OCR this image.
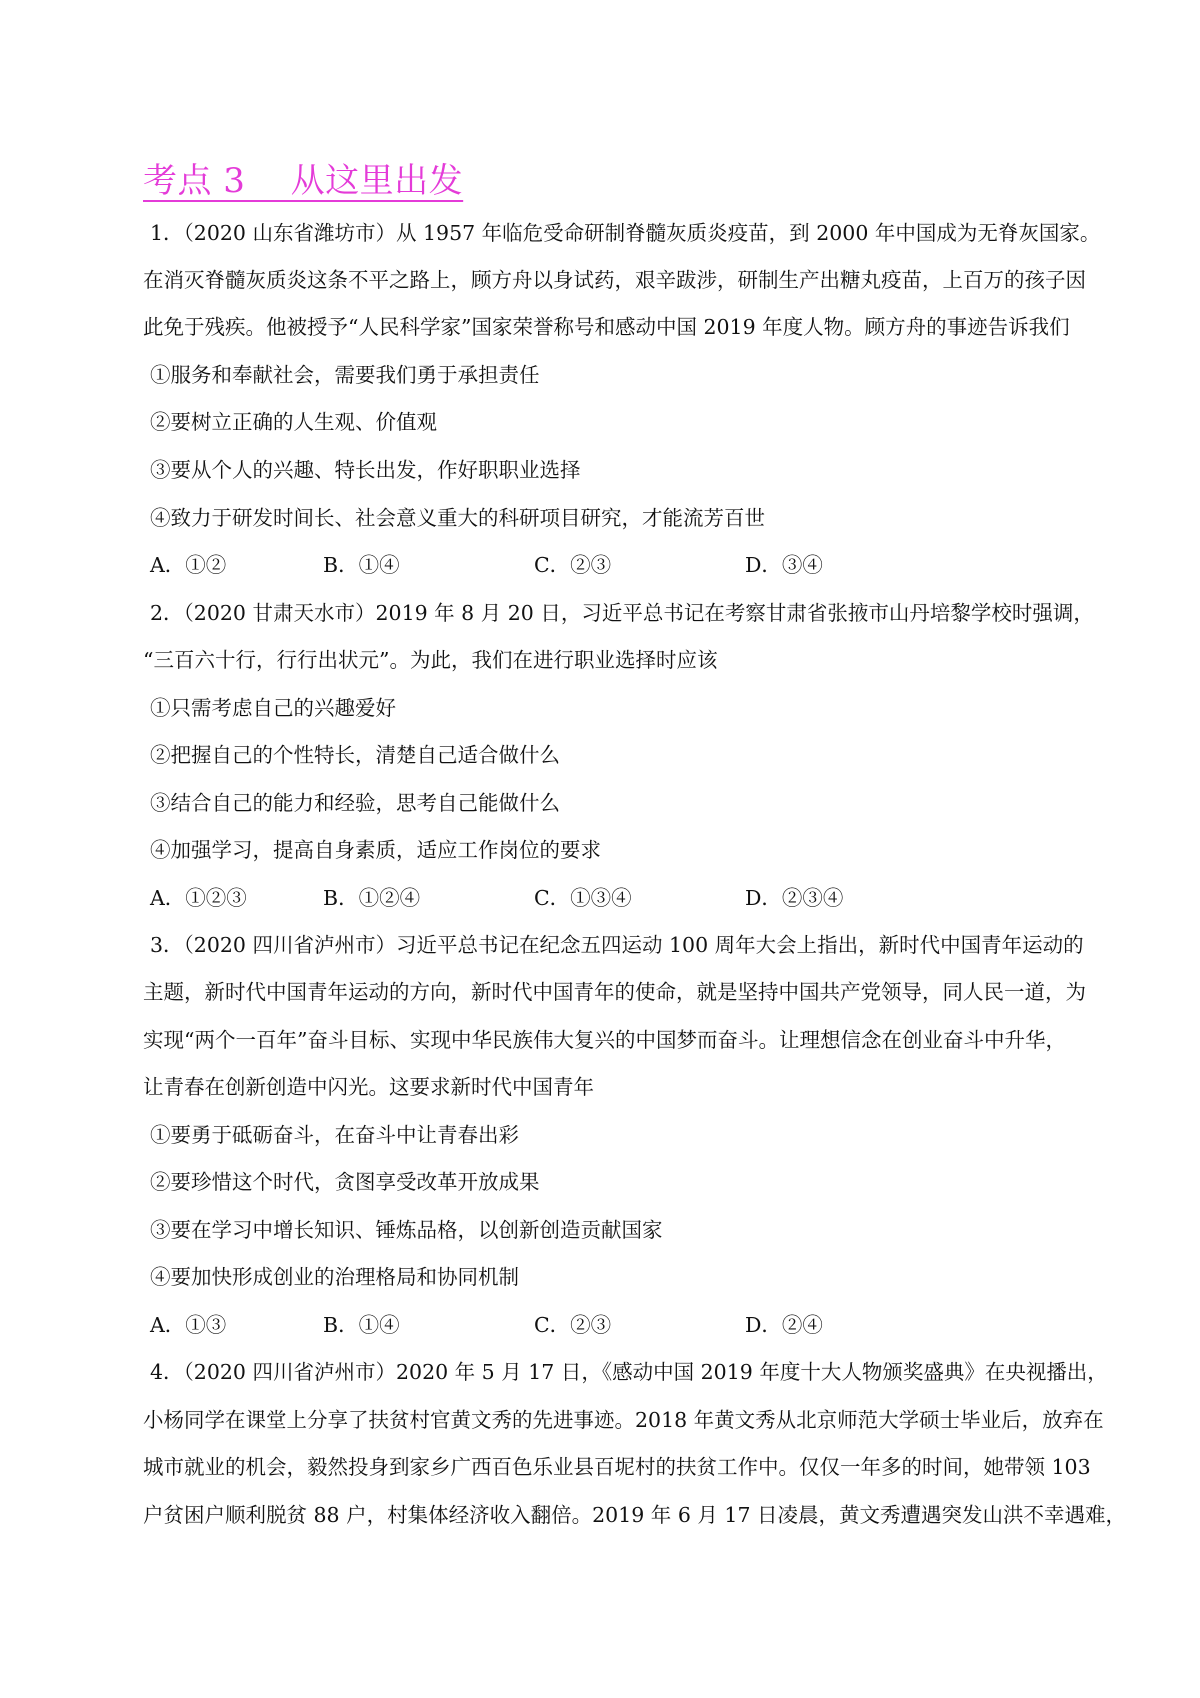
考点 3    从这里出发
1．（2020 山东省潍坊市）从 1957 年临危受命研制脊髓灰质炎疫苗，到 2000 年中国成为无脊灰国家。
在消灭脊髓灰质炎这条不平之路上，顾方舟以身试药，艰辛跋涉，研制生产出糖丸疫苗，上百万的孩子因
此免于残疾。他被授予“人民科学家”国家荣誉称号和感动中国 2019 年度人物。顾方舟的事迹告诉我们
①服务和奉献社会，需要我们勇于承担责任
②要树立正确的人生观、价值观
③要从个人的兴趣、特长出发，作好职职业选择
④致力于研发时间长、社会意义重大的科研项目研究，才能流芳百世
A．①②	B．①④	C．②③	D．③④
2．（2020 甘肃天水市）2019 年 8 月 20 日，习近平总书记在考察甘肃省张掖市山丹培黎学校时强调，
“三百六十行，行行出状元”。为此，我们在进行职业选择时应该
①只需考虑自己的兴趣爱好
②把握自己的个性特长，清楚自己适合做什么
③结合自己的能力和经验，思考自己能做什么
④加强学习，提高自身素质，适应工作岗位的要求
A．①②③	B．①②④	C．①③④	D．②③④
3．（2020 四川省泸州市）习近平总书记在纪念五四运动 100 周年大会上指出，新时代中国青年运动的
主题，新时代中国青年运动的方向，新时代中国青年的使命，就是坚持中国共产党领导，同人民一道，为
实现“两个一百年”奋斗目标、实现中华民族伟大复兴的中国梦而奋斗。让理想信念在创业奋斗中升华，
让青春在创新创造中闪光。这要求新时代中国青年
①要勇于砥砺奋斗，在奋斗中让青春出彩
②要珍惜这个时代，贪图享受改革开放成果
③要在学习中增长知识、锤炼品格，以创新创造贡献国家
④要加快形成创业的治理格局和协同机制
A．①③	B．①④	C．②③	D．②④
4．（2020 四川省泸州市）2020 年 5 月 17 日，《感动中国 2019 年度十大人物颁奖盛典》在央视播出，
小杨同学在课堂上分享了扶贫村官黄文秀的先进事迹。2018 年黄文秀从北京师范大学硕士毕业后，放弃在
城市就业的机会，毅然投身到家乡广西百色乐业县百坭村的扶贫工作中。仅仅一年多的时间，她带领 103
户贫困户顺利脱贫 88 户，村集体经济收入翻倍。2019 年 6 月 17 日凌晨，黄文秀遭遇突发山洪不幸遇难，
